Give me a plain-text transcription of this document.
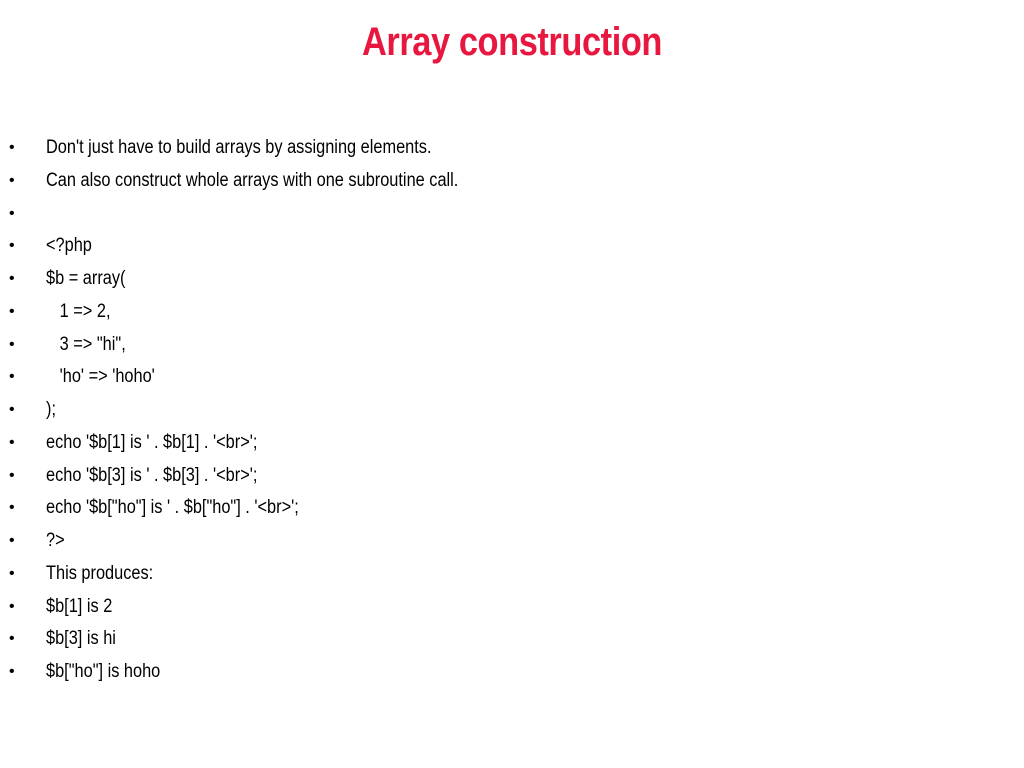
Array construction
•	Don't just have to build arrays by assigning elements.
•	Can also construct whole arrays with one subroutine call.
•
•	<?php
•	$b = array(
•	1 => 2,
•	3 => "hi",
•	'ho' => 'hoho'
•	);
•	echo '$b[1] is ' . $b[1] . '<br>';
•	echo '$b[3] is ' . $b[3] . '<br>';
•	echo '$b["ho"] is ' . $b["ho"] . '<br>';
•	?>
•	This produces:
•	$b[1] is 2
•	$b[3] is hi
•	$b["ho"] is hoho
